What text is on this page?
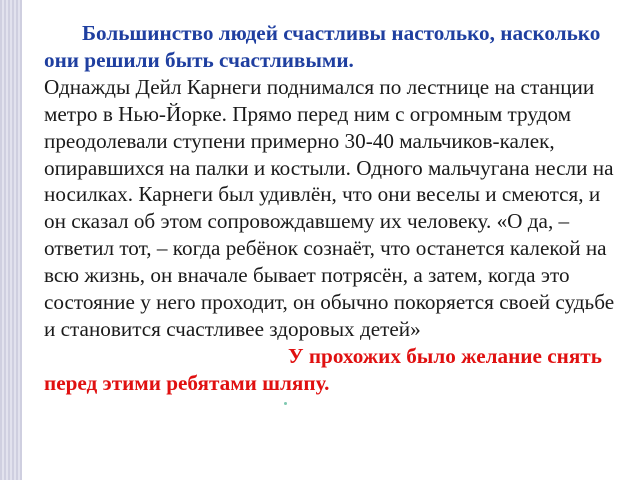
Большинство людей счастливы настолько, насколько они решили быть счастливыми.
Однажды Дейл Карнеги поднимался по лестнице на станции метро в Нью-Йорке. Прямо перед ним с огромным трудом преодолевали ступени примерно 30-40 мальчиков-калек, опиравшихся на палки и костыли. Одного мальчугана несли на носилках. Карнеги был удивлён, что они веселы и смеются, и он сказал об этом сопровождавшему их человеку. «О да, – ответил тот, – когда ребёнок сознаёт, что останется калекой на всю жизнь, он вначале бывает потрясён, а затем, когда это состояние у него проходит, он обычно покоряется своей судьбе и становится счастливее здоровых детей»
У прохожих было желание снять перед этими ребятами шляпу.
